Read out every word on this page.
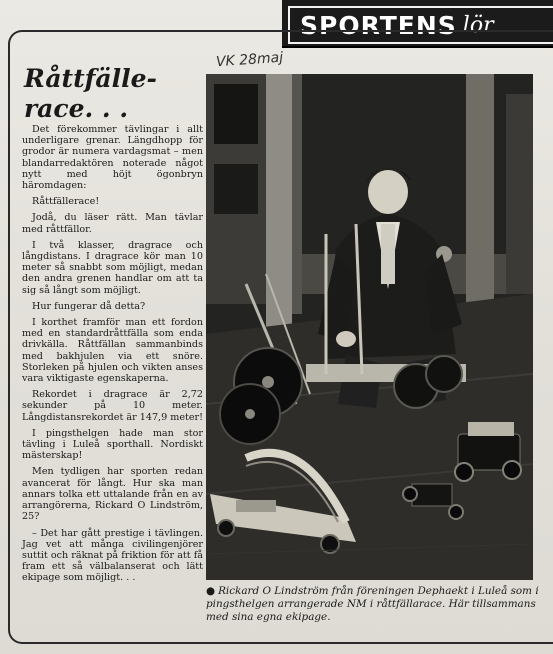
SPORTENS lör
VK 28maj
Råttfälle-
race. . .

Det förekommer tävlingar i allt underligare grenar. Längdhopp för grodor är numera vardagsmat – men blandarredaktören noterade något nytt med höjt ögonbryn häromdagen:

Råttfällerace!

Jodå, du läser rätt. Man tävlar med råttfällor.

I två klasser, dragrace och långdistans. I dragrace kör man 10 meter så snabbt som möjligt, medan den andra grenen handlar om att ta sig så långt som möjligt.

Hur fungerar då detta?

I korthet framför man ett fordon med en standardråttfälla som enda drivkälla. Råttfällan sammanbinds med bakhjulen via ett snöre. Storleken på hjulen och vikten anses vara viktigaste egenskaperna.

Rekordet i dragrace är 2,72 sekunder på 10 meter. Långdistansrekordet är 147,9 meter!

I pingsthelgen hade man stor tävling i Luleå sporthall. Nordiskt mästerskap!

Men tydligen har sporten redan avancerat för långt. Hur ska man annars tolka ett uttalande från en av arrangörerna, Rickard O Lindström, 25?

– Det har gått prestige i tävlingen. Jag vet att många civilingenjörer suttit och räknat på friktion för att få fram ett så välbalanserat och lätt ekipage som möjligt. . .

● Rickard O Lindström från föreningen Dephaekt i Luleå som i pingsthelgen arrangerade NM i råttfällarace. Här tillsammans med sina egna ekipage.
